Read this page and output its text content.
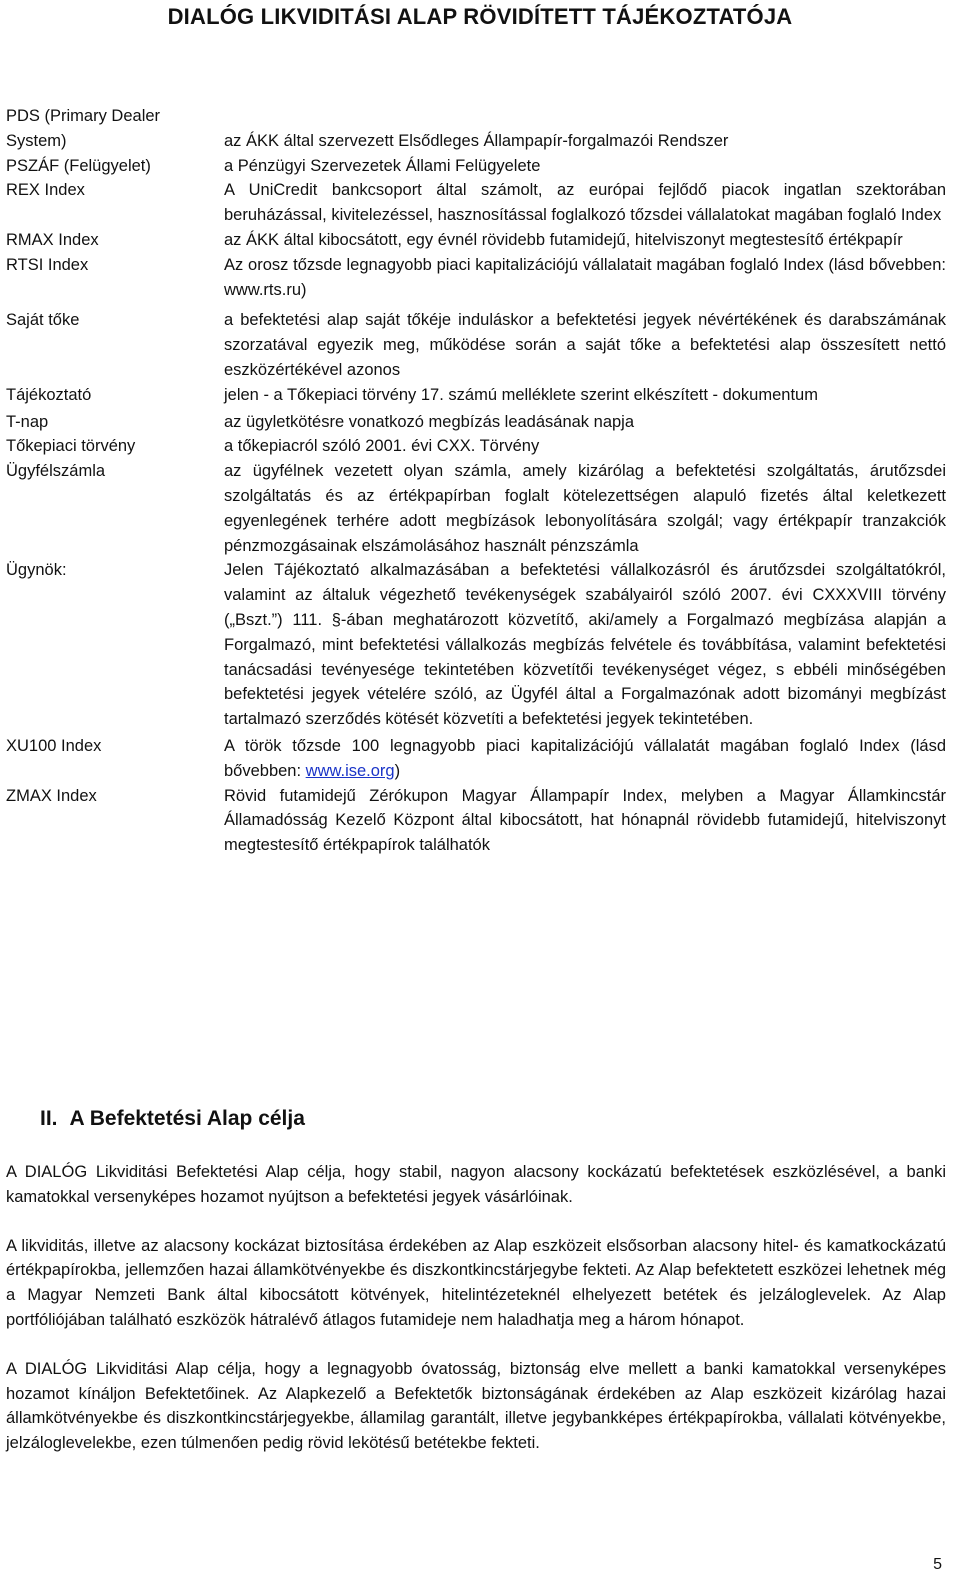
DIALÓG LIKVIDITÁSI ALAP RÖVIDÍTETT TÁJÉKOZTATÓJA
PDS (Primary Dealer System)	az ÁKK által szervezett Elsődleges Állampapír-forgalmazói Rendszer
PSZÁF (Felügyelet)	a Pénzügyi Szervezetek Állami Felügyelete
REX Index	A UniCredit bankcsoport által számolt, az európai fejlődő piacok ingatlan szektorában beruházással, kivitelezéssel, hasznosítással foglalkozó tőzsdei vállalatokat magában foglaló Index
RMAX Index	az ÁKK által kibocsátott, egy évnél rövidebb futamidejű, hitelviszonyt megtestesítő értékpapír
RTSI Index	Az orosz tőzsde legnagyobb piaci kapitalizációjú vállalatait magában foglaló Index (lásd bővebben: www.rts.ru)
Saját tőke	a befektetési alap saját tőkéje induláskor a befektetési jegyek névértékének és darabszámának szorzatával egyezik meg, működése során a saját tőke a befektetési alap összesített nettó eszközértékével azonos
Tájékoztató	jelen - a Tőkepiaci törvény 17. számú melléklete szerint elkészített - dokumentum
T-nap	az ügyletkötésre vonatkozó megbízás leadásának napja
Tőkepiaci törvény	a tőkepiacról szóló 2001. évi CXX. Törvény
Ügyfélszámla	az ügyfélnek vezetett olyan számla, amely kizárólag a befektetési szolgáltatás, árutőzsdei szolgáltatás és az értékpapírban foglalt kötelezettségen alapuló fizetés által keletkezett egyenlegének terhére adott megbízások lebonyolítására szolgál; vagy értékpapír tranzakciók pénzmozgásainak elszámolásához használt pénzszámla
Ügynök:	Jelen Tájékoztató alkalmazásában a befektetési vállalkozásról és árutőzsdei szolgáltatókról, valamint az általuk végezhető tevékenységek szabályairól szóló 2007. évi CXXXVIII törvény („Bszt.”) 111. §-ában meghatározott közvetítő, aki/amely a Forgalmazó megbízása alapján a Forgalmazó, mint befektetési vállalkozás megbízás felvétele és továbbítása, valamint befektetési tanácsadási tevényesége tekintetében közvetítői tevékenységet végez, s ebbéli minőségében befektetési jegyek vételére szóló, az Ügyfél által a Forgalmazónak adott bizományi megbízást tartalmazó szerződés kötését közvetíti a befektetési jegyek tekintetében.
XU100 Index	A török tőzsde 100 legnagyobb piaci kapitalizációjú vállalatát magában foglaló Index (lásd bővebben: www.ise.org)
ZMAX Index	Rövid futamidejű Zérókupon Magyar Állampapír Index, melyben a Magyar Államkincstár Államadósság Kezelő Központ által kibocsátott, hat hónapnál rövidebb futamidejű, hitelviszonyt megtestesítő értékpapírok találhatók
II. A Befektetési Alap célja

A DIALÓG Likviditási Befektetési Alap célja, hogy stabil, nagyon alacsony kockázatú befektetések eszközlésével, a banki kamatokkal versenyképes hozamot nyújtson a befektetési jegyek vásárlóinak.

A likviditás, illetve az alacsony kockázat biztosítása érdekében az Alap eszközeit elsősorban alacsony hitel- és kamatkockázatú értékpapírokba, jellemzően hazai államkötvényekbe és diszkontkincstárjegybe fekteti. Az Alap befektetett eszközei lehetnek még a Magyar Nemzeti Bank által kibocsátott kötvények, hitelintézeteknél elhelyezett betétek és jelzáloglevelek. Az Alap portfóliójában található eszközök hátralévő átlagos futamideje nem haladhatja meg a három hónapot.

A DIALÓG Likviditási Alap célja, hogy a legnagyobb óvatosság, biztonság elve mellett a banki kamatokkal versenyképes hozamot kínáljon Befektetőinek. Az Alapkezelő a Befektetők biztonságának érdekében az Alap eszközeit kizárólag hazai államkötvényekbe és diszkontkincstárjegyekbe, államilag garantált, illetve jegybankképes értékpapírokba, vállalati kötvényekbe, jelzáloglevelekbe, ezen túlmenően pedig rövid lekötésű betétekbe fekteti.

5
